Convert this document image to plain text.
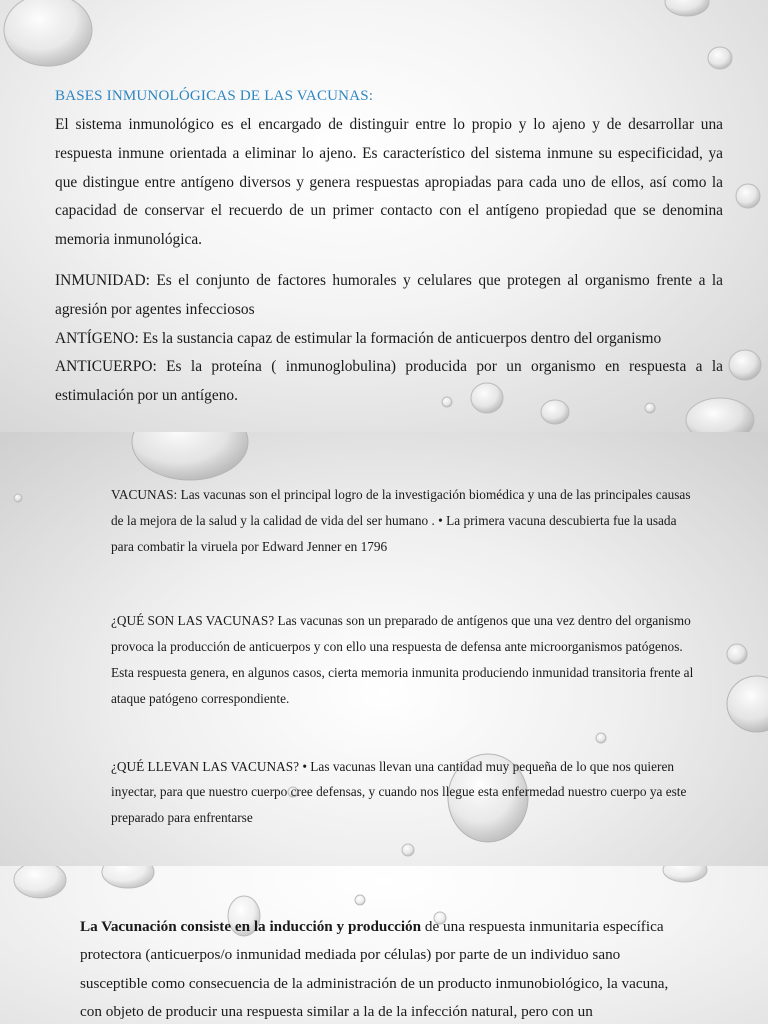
BASES INMUNOLÓGICAS DE LAS VACUNAS:

El sistema inmunológico es el encargado de distinguir entre lo propio y lo ajeno y de desarrollar una respuesta inmune orientada a eliminar lo ajeno. Es característico del sistema inmune su especificidad, ya que distingue entre antígeno diversos y genera respuestas apropiadas para cada uno de ellos, así como la capacidad de conservar el recuerdo de un primer contacto con el antígeno propiedad que se denomina memoria inmunológica.

INMUNIDAD: Es el conjunto de factores humorales y celulares que protegen al organismo frente a la agresión por agentes infecciosos

ANTÍGENO: Es la sustancia capaz de estimular la formación de anticuerpos dentro del organismo

ANTICUERPO: Es la proteína ( inmunoglobulina) producida por un organismo en respuesta a la estimulación por un antígeno.

VACUNAS: Las vacunas son el principal logro de la investigación biomédica y una de las principales causas de la mejora de la salud y la calidad de vida del ser humano . • La primera vacuna descubierta fue la usada para combatir la viruela por Edward Jenner en 1796

¿QUÉ SON LAS VACUNAS? Las vacunas son un preparado de antígenos que una vez dentro del organismo provoca la producción de anticuerpos y con ello una respuesta de defensa ante microorganismos patógenos. Esta respuesta genera, en algunos casos, cierta memoria inmunita produciendo inmunidad transitoria frente al ataque patógeno correspondiente.

¿QUÉ LLEVAN LAS VACUNAS? • Las vacunas llevan una cantidad muy pequeña de lo que nos quieren inyectar, para que nuestro cuerpo cree defensas, y cuando nos llegue esta enfermedad nuestro cuerpo ya este preparado para enfrentarse

La Vacunación consiste en la inducción y producción de una respuesta inmunitaria específica protectora (anticuerpos/o inmunidad mediada por células) por parte de un individuo sano susceptible como consecuencia de la administración de un producto inmunobiológico, la vacuna, con objeto de producir una respuesta similar a la de la infección natural, pero con un
